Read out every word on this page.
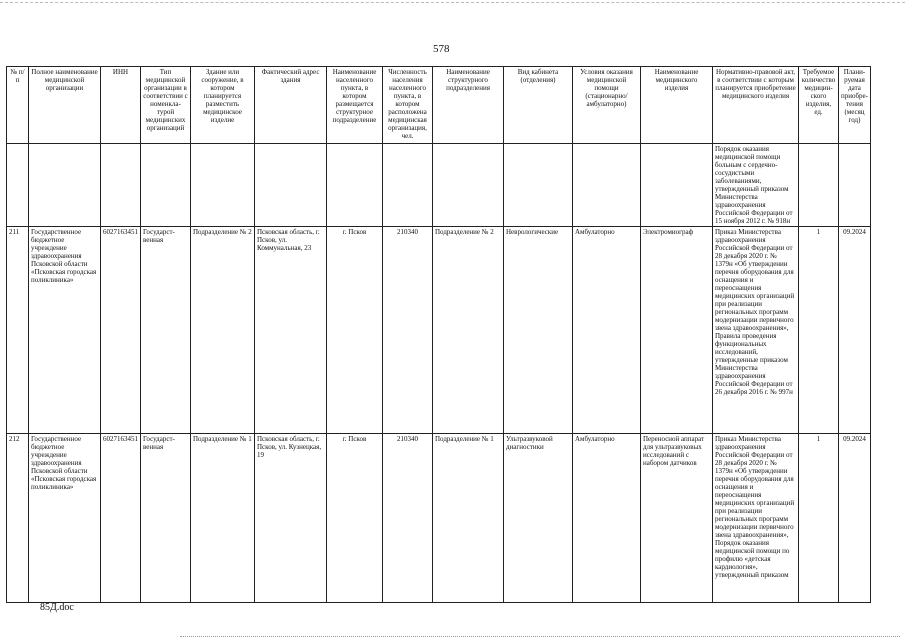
578
№ п/п	Полное наименование медицинской организации	ИНН	Тип медицинской организации в соответствии с номенкла-турой медицинских организаций	Здание или сооружение, в котором планируется разместить медицинское изделие	Фактический адрес здания	Наименование населенного пункта, в котором размещается структурное подразделение	Численность населения населенного пункта, в котором расположена медицинская организация, чел.	Наименование структурного подразделения	Вид кабинета (отделения)	Условия оказания медицинской помощи (стационарно/ амбулаторно)	Наименование медицинского изделия	Нормативно-правовой акт, в соответствии с которым планируется приобретение медицинского изделия	Требуемое количество медицин-ского изделия, ед.	Плани-руемая дата приобре-тения (месяц год)
												Порядок оказания медицинской помощи больным с сердечно-сосудистыми заболеваниями, утвержденный приказом Министерства здравоохранения Российской Федерации от 15 ноября 2012 г. № 918н		
211	Государственное бюджетное учреждение здравоохранения Псковской области «Псковская городская поликлиника»	6027163451	Государст-венная	Подразделение № 2	Псковская область, г. Псков, ул. Коммунальная, 23	г. Псков	210340	Подразделение № 2	Неврологические	Амбулаторно	Электромиограф	Приказ Министерства здравоохранения Российской Федерации от 28 декабря 2020 г. № 1379н «Об утверждении перечня оборудования для оснащения и переоснащения медицинских организаций при реализации региональных программ модернизации первичного звена здравоохранения», Правила проведения функциональных исследований, утвержденные приказом Министерства здравоохранения Российской Федерации от 26 декабря 2016 г. № 997н	1	09.2024
212	Государственное бюджетное учреждение здравоохранения Псковской области «Псковская городская поликлиника»	6027163451	Государст-венная	Подразделение № 1	Псковская область, г. Псков, ул. Кузнецкая, 19	г. Псков	210340	Подразделение № 1	Ультразвуковой диагностики	Амбулаторно	Переносной аппарат для ультразвуковых исследований с набором датчиков	Приказ Министерства здравоохранения Российской Федерации от 28 декабря 2020 г. № 1379н «Об утверждении перечня оборудования для оснащения и переоснащения медицинских организаций при реализации региональных программ модернизации первичного звена здравоохранения», Порядок оказания медицинской помощи по профилю «детская кардиология», утвержденный приказом	1	09.2024
85Д.doc
